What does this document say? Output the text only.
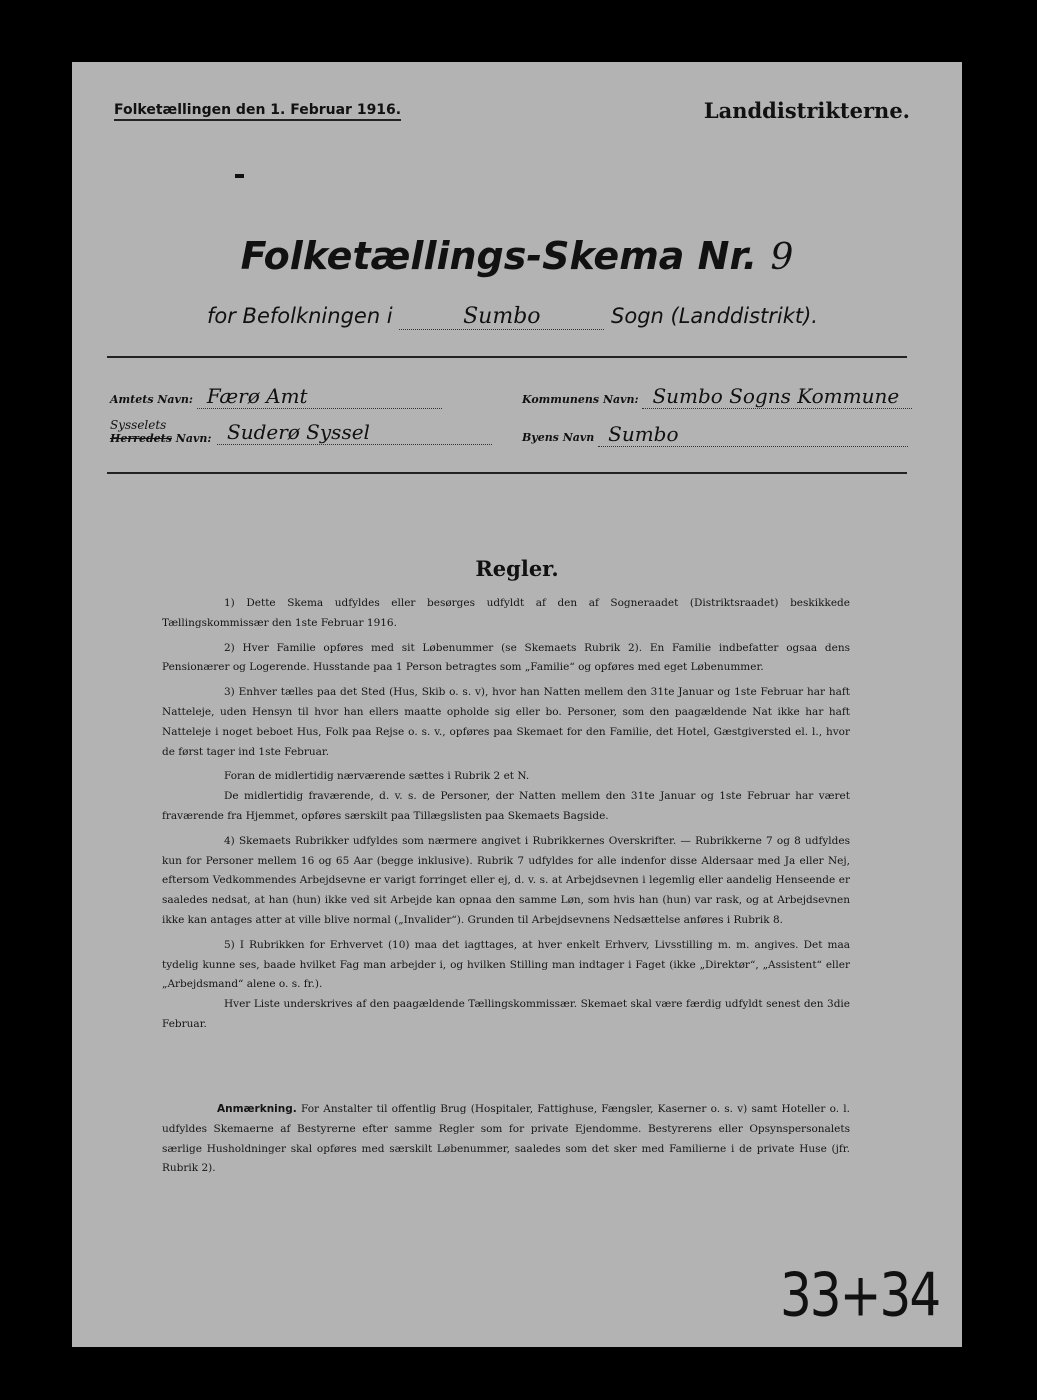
Folketællingen den 1. Februar 1916.	Landdistrikterne.
Folketællings-Skema Nr. 9
for Befolkningen i	Sumbo	Sogn (Landdistrikt).
Amtets Navn: Færø Amt	Kommunens Navn: Sumbo Sogns Kommune
Sysselets
Herredets Navn: Suderø Syssel	Byens Navn Sumbo
Regler.

1) Dette Skema udfyldes eller besørges udfyldt af den af Sogneraadet (Distriktsraadet) beskikkede Tællingskommissær den 1ste Februar 1916.

2) Hver Familie opføres med sit Løbenummer (se Skemaets Rubrik 2). En Familie indbefatter ogsaa dens Pensionærer og Logerende. Husstande paa 1 Person betragtes som „Familie“ og opføres med eget Løbenummer.

3) Enhver tælles paa det Sted (Hus, Skib o. s. v), hvor han Natten mellem den 31te Januar og 1ste Februar har haft Natteleje, uden Hensyn til hvor han ellers maatte opholde sig eller bo. Personer, som den paagældende Nat ikke har haft Natteleje i noget beboet Hus, Folk paa Rejse o. s. v., opføres paa Skemaet for den Familie, det Hotel, Gæstgiversted el. l., hvor de først tager ind 1ste Februar.

Foran de midlertidig nærværende sættes i Rubrik 2 et N.

De midlertidig fraværende, d. v. s. de Personer, der Natten mellem den 31te Januar og 1ste Februar har været fraværende fra Hjemmet, opføres særskilt paa Tillægslisten paa Skemaets Bagside.

4) Skemaets Rubrikker udfyldes som nærmere angivet i Rubrikkernes Overskrifter. — Rubrikkerne 7 og 8 udfyldes kun for Personer mellem 16 og 65 Aar (begge inklusive). Rubrik 7 udfyldes for alle indenfor disse Aldersaar med Ja eller Nej, eftersom Vedkommendes Arbejdsevne er varigt forringet eller ej, d. v. s. at Arbejdsevnen i legemlig eller aandelig Henseende er saaledes nedsat, at han (hun) ikke ved sit Arbejde kan opnaa den samme Løn, som hvis han (hun) var rask, og at Arbejdsevnen ikke kan antages atter at ville blive normal („Invalider“). Grunden til Arbejdsevnens Nedsættelse anføres i Rubrik 8.

5) I Rubrikken for Erhvervet (10) maa det iagttages, at hver enkelt Erhverv, Livsstilling m. m. angives. Det maa tydelig kunne ses, baade hvilket Fag man arbejder i, og hvilken Stilling man indtager i Faget (ikke „Direktør“, „Assistent“ eller „Arbejdsmand“ alene o. s. fr.).

Hver Liste underskrives af den paagældende Tællingskommissær. Skemaet skal være færdig udfyldt senest den 3die Februar.

Anmærkning. For Anstalter til offentlig Brug (Hospitaler, Fattighuse, Fængsler, Kaserner o. s. v) samt Hoteller o. l. udfyldes Skemaerne af Bestyrerne efter samme Regler som for private Ejendomme. Bestyrerens eller Opsynspersonalets særlige Husholdninger skal opføres med særskilt Løbenummer, saaledes som det sker med Familierne i de private Huse (jfr. Rubrik 2).
33+34
